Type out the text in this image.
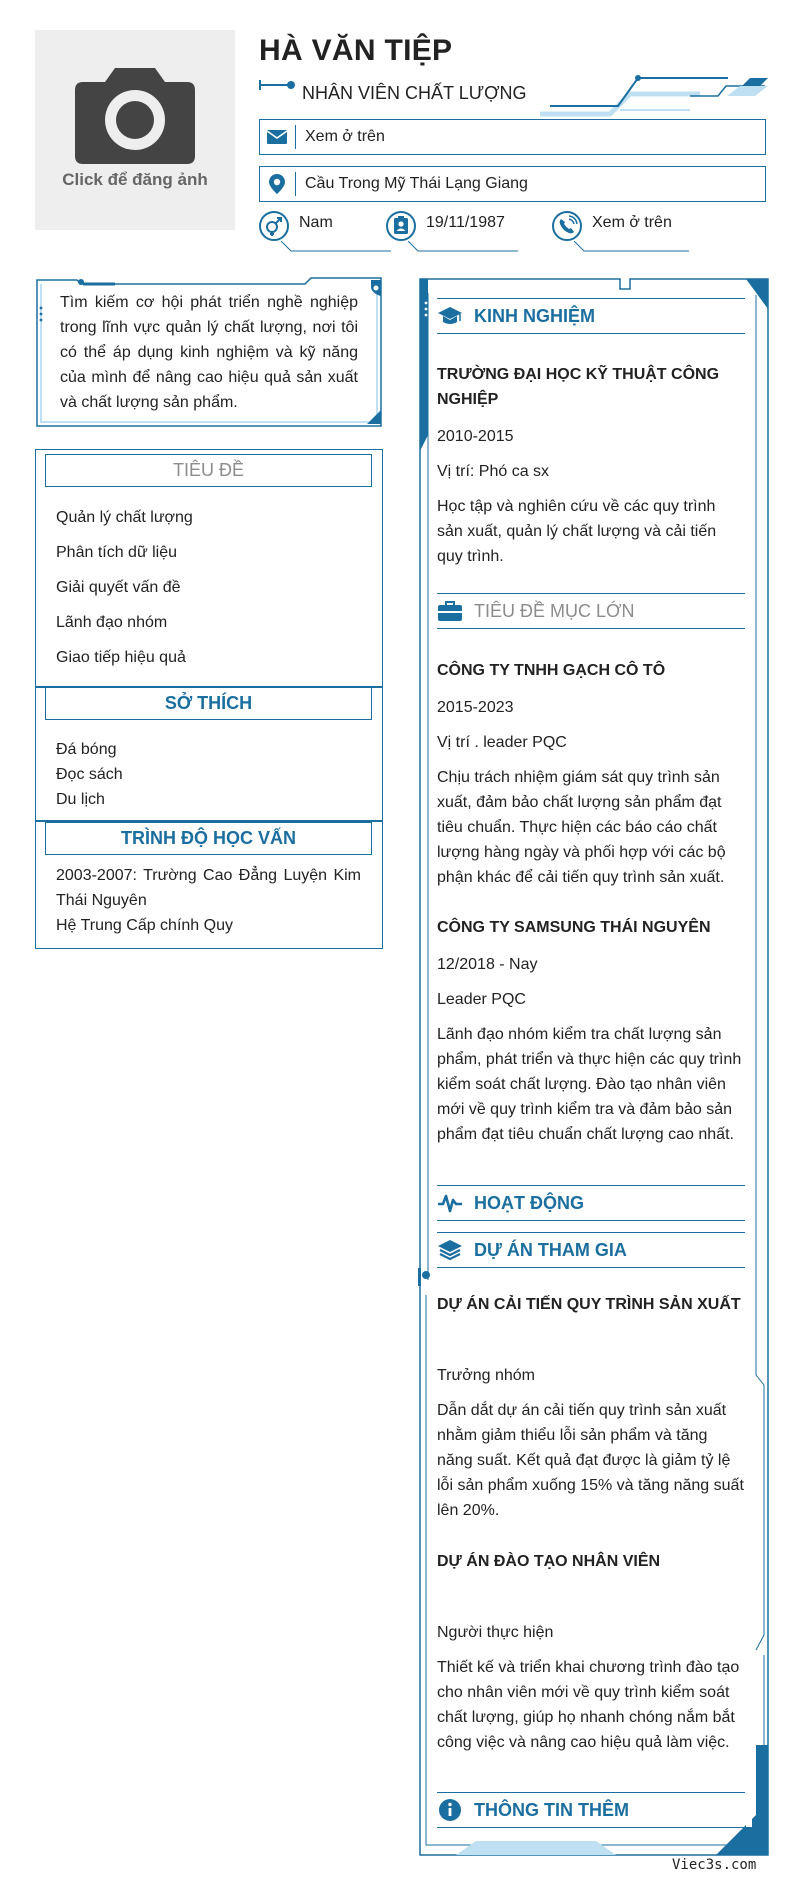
Click để đăng ảnh
HÀ VĂN TIỆP
NHÂN VIÊN CHẤT LƯỢNG
Xem ở trên
Cầu Trong Mỹ Thái Lạng Giang
Nam	19/11/1987	Xem ở trên
Tìm kiếm cơ hội phát triển nghề nghiệp trong lĩnh vực quản lý chất lượng, nơi tôi có thể áp dụng kinh nghiệm và kỹ năng của mình để nâng cao hiệu quả sản xuất và chất lượng sản phẩm.
TIÊU ĐỀ
Quản lý chất lượng
Phân tích dữ liệu
Giải quyết vấn đề
Lãnh đạo nhóm
Giao tiếp hiệu quả
SỞ THÍCH
Đá bóng
Đọc sách
Du lịch
TRÌNH ĐỘ HỌC VẤN
2003-2007: Trường Cao Đẳng Luyện Kim Thái Nguyên
Hệ Trung Cấp chính Quy
KINH NGHIỆM
TRƯỜNG ĐẠI HỌC KỸ THUẬT CÔNG NGHIỆP
2010-2015
Vị trí: Phó ca sx
Học tập và nghiên cứu về các quy trình sản xuất, quản lý chất lượng và cải tiến quy trình.
TIÊU ĐỀ MỤC LỚN
CÔNG TY TNHH GẠCH CÔ TÔ
2015-2023
Vị trí . leader PQC
Chịu trách nhiệm giám sát quy trình sản xuất, đảm bảo chất lượng sản phẩm đạt tiêu chuẩn. Thực hiện các báo cáo chất lượng hàng ngày và phối hợp với các bộ phận khác để cải tiến quy trình sản xuất.
CÔNG TY SAMSUNG THÁI NGUYÊN
12/2018 - Nay
Leader PQC
Lãnh đạo nhóm kiểm tra chất lượng sản phẩm, phát triển và thực hiện các quy trình kiểm soát chất lượng. Đào tạo nhân viên mới về quy trình kiểm tra và đảm bảo sản phẩm đạt tiêu chuẩn chất lượng cao nhất.
HOẠT ĐỘNG
DỰ ÁN THAM GIA
DỰ ÁN CẢI TIẾN QUY TRÌNH SẢN XUẤT
Trưởng nhóm
Dẫn dắt dự án cải tiến quy trình sản xuất nhằm giảm thiểu lỗi sản phẩm và tăng năng suất. Kết quả đạt được là giảm tỷ lệ lỗi sản phẩm xuống 15% và tăng năng suất lên 20%.
DỰ ÁN ĐÀO TẠO NHÂN VIÊN
Người thực hiện
Thiết kế và triển khai chương trình đào tạo cho nhân viên mới về quy trình kiểm soát chất lượng, giúp họ nhanh chóng nắm bắt công việc và nâng cao hiệu quả làm việc.
THÔNG TIN THÊM
Viec3s.com
